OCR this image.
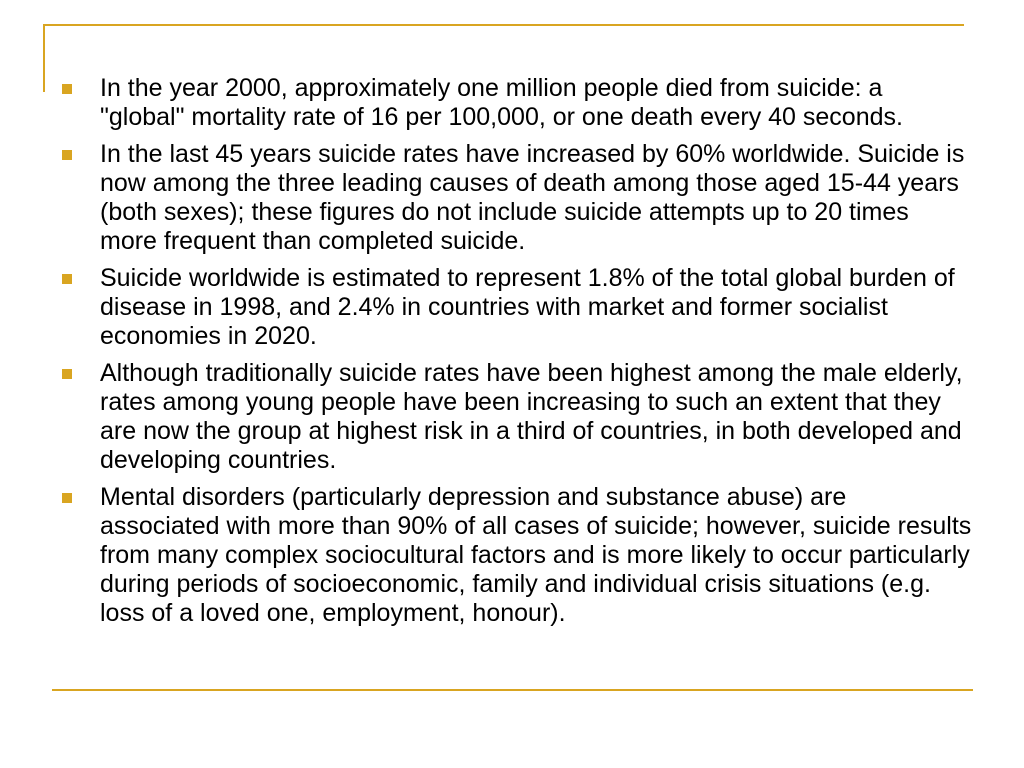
In the year 2000, approximately one million people died from suicide: a "global" mortality rate of 16 per 100,000, or one death every 40 seconds.
In the last 45 years suicide rates have increased by 60% worldwide. Suicide is now among the three leading causes of death among those aged 15-44 years (both sexes); these figures do not include suicide attempts up to 20 times more frequent than completed suicide.
Suicide worldwide is estimated to represent 1.8% of the total global burden of disease in 1998, and 2.4% in countries with market and former socialist economies in 2020.
Although traditionally suicide rates have been highest among the male elderly, rates among young people have been increasing to such an extent that they are now the group at highest risk in a third of countries, in both developed and developing countries.
Mental disorders (particularly depression and substance abuse) are associated with more than 90% of all cases of suicide; however, suicide results from many complex sociocultural factors and is more likely to occur particularly during periods of socioeconomic, family and individual crisis situations (e.g. loss of a loved one, employment, honour).
